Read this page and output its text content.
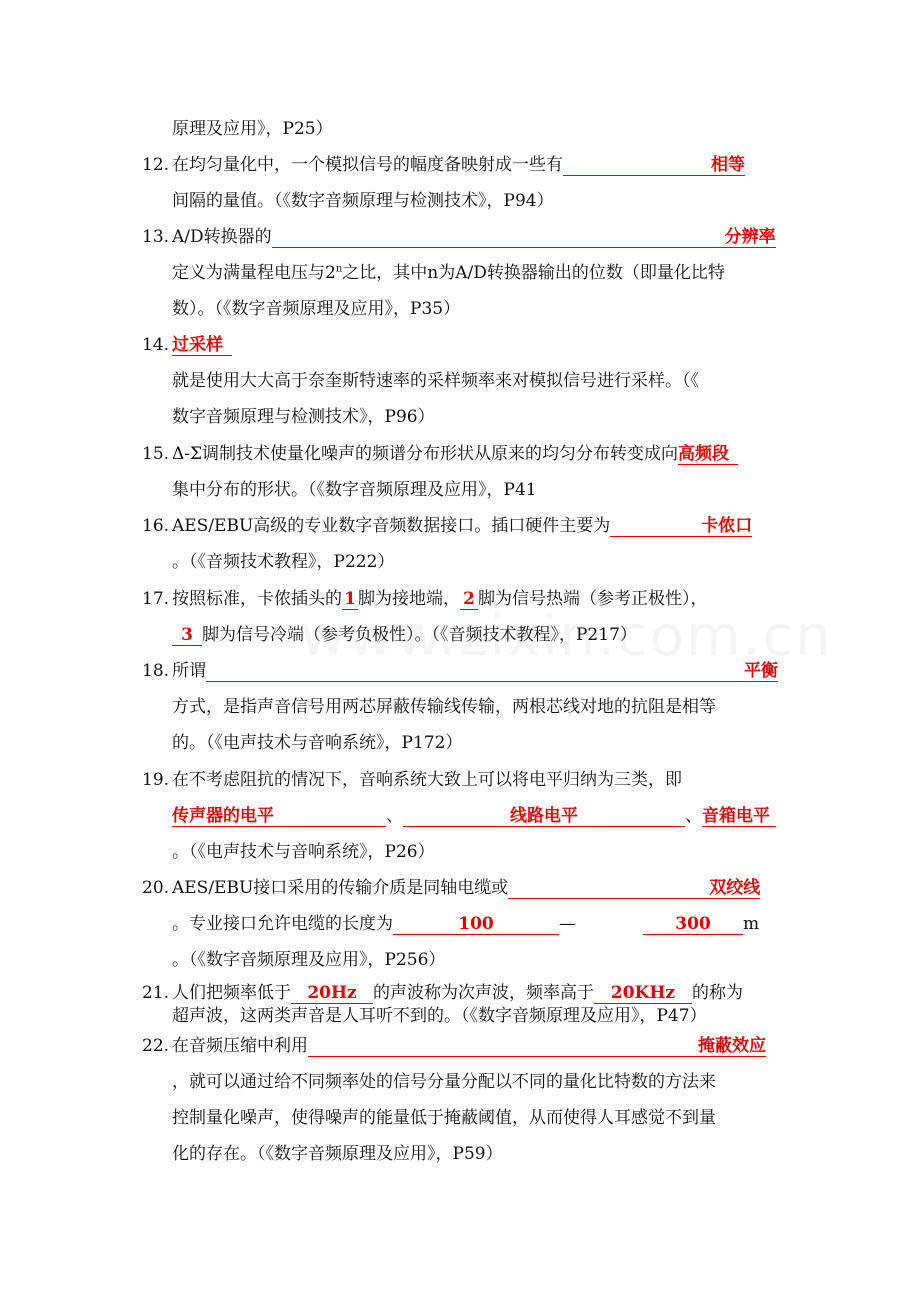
原理及应用》，P25）
12. 在均匀量化中，一个模拟信号的幅度备映射成一些有	相等
间隔的量值。（《数字音频原理与检测技术》，P94）
13. A/D转换器的	分辨率
定义为满量程电压与2$^n$之比，其中n为A/D转换器输出的位数（即量化比特
数）。（《数字音频原理及应用》，P35）
14. 过采样
就是使用大大高于奈奎斯特速率的采样频率来对模拟信号进行采样。（《
数字音频原理与检测技术》，P96）
15. Δ-Σ调制技术使量化噪声的频谱分布形状从原来的均匀分布转变成向高频段
集中分布的形状。（《数字音频原理及应用》，P41
16. AES/EBU高级的专业数字音频数据接口。插口硬件主要为	卡侬口
。（《音频技术教程》，P222）
17. 按照标准，卡侬插头的 1 脚为接地端， 2 脚为信号热端（参考正极性），
3 脚为信号冷端（参考负极性）。（《音频技术教程》，P217）
18. 所谓	平衡
方式，是指声音信号用两芯屏蔽传输线传输，两根芯线对地的抗阻是相等
的。（《电声技术与音响系统》，P172）
19. 在不考虑阻抗的情况下，音响系统大致上可以将电平归纳为三类，即
传声器的电平	、	线路电平	、音箱电平
。（《电声技术与音响系统》，P26）
20. AES/EBU接口采用的传输介质是同轴电缆或	双绞线
。专业接口允许电缆的长度为	100	—	300 m
。（《数字音频原理及应用》，P256）
21. 人们把频率低于 20Hz 的声波称为次声波，频率高于 20KHz 的称为
超声波，这两类声音是人耳听不到的。（《数字音频原理及应用》，P47）
22. 在音频压缩中利用	掩蔽效应
，就可以通过给不同频率处的信号分量分配以不同的量化比特数的方法来
控制量化噪声，使得噪声的能量低于掩蔽阈值，从而使得人耳感觉不到量
化的存在。（《数字音频原理及应用》，P59）
